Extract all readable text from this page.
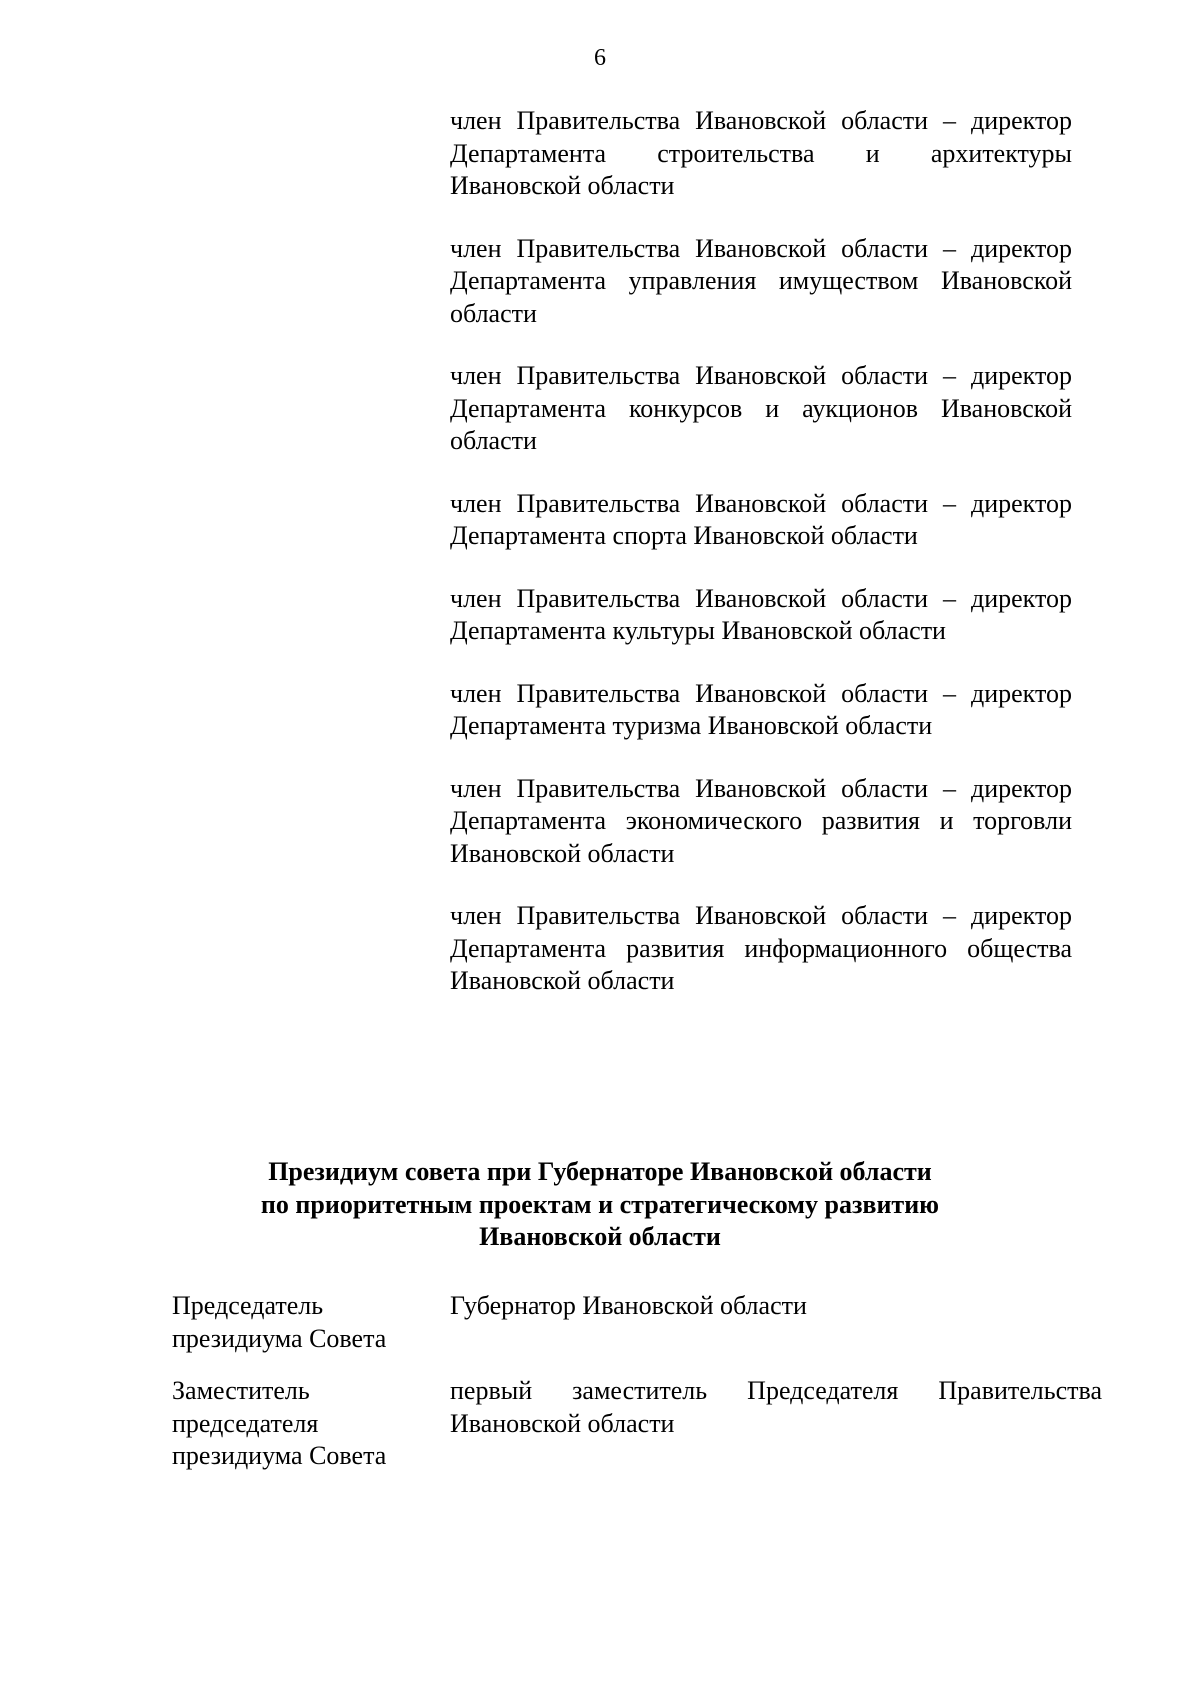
6
член Правительства Ивановской области – директор Департамента строительства и архитектуры Ивановской области
член Правительства Ивановской области – директор Департамента управления имуществом Ивановской области
член Правительства Ивановской области – директор Департамента конкурсов и аукционов Ивановской области
член Правительства Ивановской области – директор Департамента спорта Ивановской области
член Правительства Ивановской области – директор Департамента культуры Ивановской области
член Правительства Ивановской области – директор Департамента туризма Ивановской области
член Правительства Ивановской области – директор Департамента экономического развития и торговли Ивановской области
член Правительства Ивановской области – директор Департамента развития информационного общества Ивановской области
Президиум совета при Губернаторе Ивановской области
по приоритетным проектам и стратегическому развитию
Ивановской области
Председатель
президиума Совета
Губернатор Ивановской области
Заместитель
председателя
президиума Совета
первый заместитель Председателя Правительства Ивановской области
